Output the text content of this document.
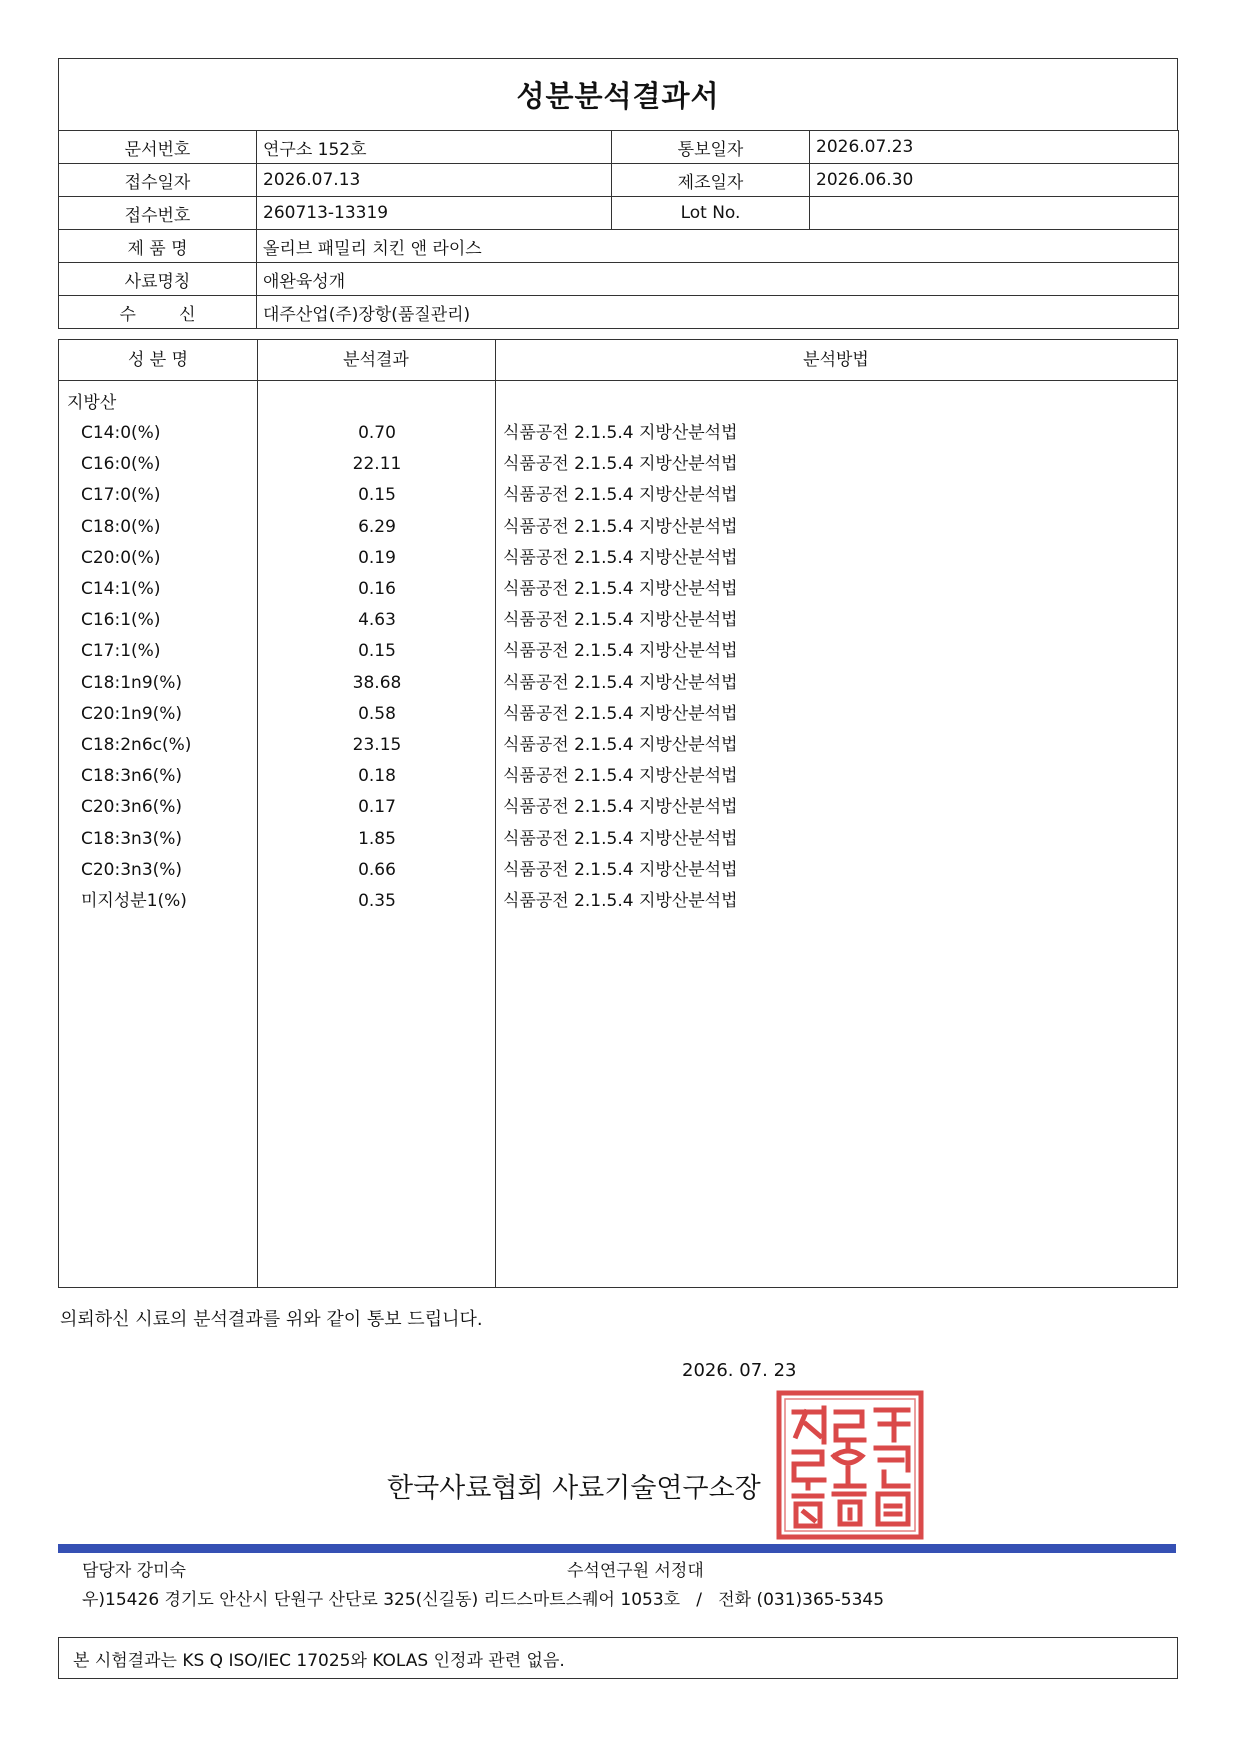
성분분석결과서
문서번호	연구소 152호	통보일자	2026.07.23
접수일자	2026.07.13	제조일자	2026.06.30
접수번호	260713-13319	Lot No.	
제 품 명	올리브 패밀리 치킨 앤 라이스		
사료명칭	애완육성개		
수        신	대주산업(주)장항(품질관리)		
성 분 명	분석결과	분석방법
지방산
C14:0(%)	0.70	식품공전 2.1.5.4 지방산분석법
C16:0(%)	22.11	식품공전 2.1.5.4 지방산분석법
C17:0(%)	0.15	식품공전 2.1.5.4 지방산분석법
C18:0(%)	6.29	식품공전 2.1.5.4 지방산분석법
C20:0(%)	0.19	식품공전 2.1.5.4 지방산분석법
C14:1(%)	0.16	식품공전 2.1.5.4 지방산분석법
C16:1(%)	4.63	식품공전 2.1.5.4 지방산분석법
C17:1(%)	0.15	식품공전 2.1.5.4 지방산분석법
C18:1n9(%)	38.68	식품공전 2.1.5.4 지방산분석법
C20:1n9(%)	0.58	식품공전 2.1.5.4 지방산분석법
C18:2n6c(%)	23.15	식품공전 2.1.5.4 지방산분석법
C18:3n6(%)	0.18	식품공전 2.1.5.4 지방산분석법
C20:3n6(%)	0.17	식품공전 2.1.5.4 지방산분석법
C18:3n3(%)	1.85	식품공전 2.1.5.4 지방산분석법
C20:3n3(%)	0.66	식품공전 2.1.5.4 지방산분석법
미지성분1(%)	0.35	식품공전 2.1.5.4 지방산분석법
의뢰하신 시료의 분석결과를 위와 같이 통보 드립니다.
2026. 07. 23
한국사료협회 사료기술연구소장
담당자 강미숙	수석연구원 서정대
우)15426 경기도 안산시 단원구 산단로 325(신길동) 리드스마트스퀘어 1053호   /   전화 (031)365-5345
본 시험결과는 KS Q ISO/IEC 17025와 KOLAS 인정과 관련 없음.
